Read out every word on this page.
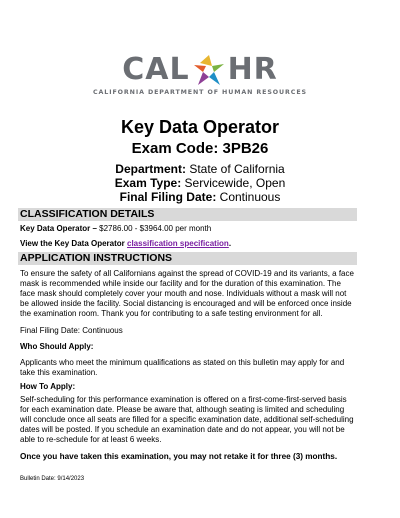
CAL HR
CALIFORNIA DEPARTMENT OF HUMAN RESOURCES
Key Data Operator
Exam Code: 3PB26
Department: State of California
Exam Type: Servicewide, Open
Final Filing Date: Continuous
CLASSIFICATION DETAILS
Key Data Operator – $2786.00 - $3964.00 per month
View the Key Data Operator classification specification.
APPLICATION INSTRUCTIONS
To ensure the safety of all Californians against the spread of COVID-19 and its variants, a face mask is recommended while inside our facility and for the duration of this examination. The face mask should completely cover your mouth and nose. Individuals without a mask will not be allowed inside the facility. Social distancing is encouraged and will be enforced once inside the examination room. Thank you for contributing to a safe testing environment for all.
Final Filing Date: Continuous
Who Should Apply:
Applicants who meet the minimum qualifications as stated on this bulletin may apply for and take this examination.
How To Apply:
Self-scheduling for this performance examination is offered on a first-come-first-served basis for each examination date. Please be aware that, although seating is limited and scheduling will conclude once all seats are filled for a specific examination date, additional self-scheduling dates will be posted. If you schedule an examination date and do not appear, you will not be able to re-schedule for at least 6 weeks.
Once you have taken this examination, you may not retake it for three (3) months.
Bulletin Date: 9/14/2023
